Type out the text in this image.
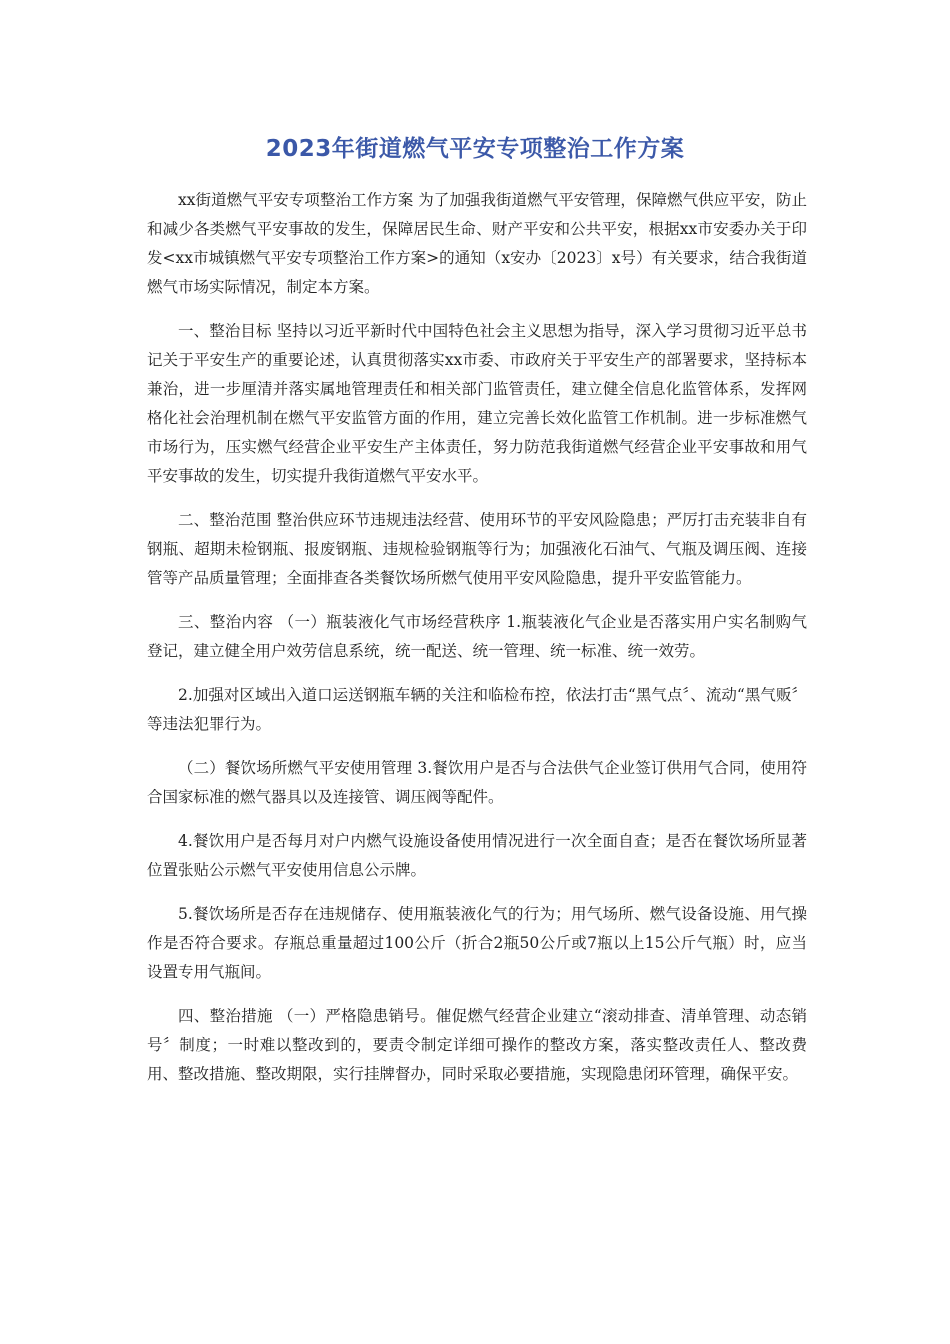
2023年街道燃气平安专项整治工作方案

xx街道燃气平安专项整治工作方案 为了加强我街道燃气平安管理，保障燃气供应平安，防止和减少各类燃气平安事故的发生，保障居民生命、财产平安和公共平安，根据xx市安委办关于印发<xx市城镇燃气平安专项整治工作方案>的通知（x安办〔2023〕x号）有关要求，结合我街道燃气市场实际情况，制定本方案。

一、整治目标 坚持以习近平新时代中国特色社会主义思想为指导，深入学习贯彻习近平总书记关于平安生产的重要论述，认真贯彻落实xx市委、市政府关于平安生产的部署要求，坚持标本兼治，进一步厘清并落实属地管理责任和相关部门监管责任，建立健全信息化监管体系，发挥网格化社会治理机制在燃气平安监管方面的作用，建立完善长效化监管工作机制。进一步标准燃气市场行为，压实燃气经营企业平安生产主体责任，努力防范我街道燃气经营企业平安事故和用气平安事故的发生，切实提升我街道燃气平安水平。

二、整治范围 整治供应环节违规违法经营、使用环节的平安风险隐患；严厉打击充装非自有钢瓶、超期未检钢瓶、报废钢瓶、违规检验钢瓶等行为；加强液化石油气、气瓶及调压阀、连接管等产品质量管理；全面排查各类餐饮场所燃气使用平安风险隐患，提升平安监管能力。

三、整治内容 （一）瓶装液化气市场经营秩序 1.瓶装液化气企业是否落实用户实名制购气登记，建立健全用户效劳信息系统，统一配送、统一管理、统一标准、统一效劳。

2.加强对区域出入道口运送钢瓶车辆的关注和临检布控，依法打击“黑气点〞、流动“黑气贩〞等违法犯罪行为。

（二）餐饮场所燃气平安使用管理 3.餐饮用户是否与合法供气企业签订供用气合同，使用符合国家标准的燃气器具以及连接管、调压阀等配件。

4.餐饮用户是否每月对户内燃气设施设备使用情况进行一次全面自查；是否在餐饮场所显著位置张贴公示燃气平安使用信息公示牌。

5.餐饮场所是否存在违规储存、使用瓶装液化气的行为；用气场所、燃气设备设施、用气操作是否符合要求。存瓶总重量超过100公斤（折合2瓶50公斤或7瓶以上15公斤气瓶）时，应当设置专用气瓶间。

四、整治措施 （一）严格隐患销号。催促燃气经营企业建立“滚动排查、清单管理、动态销号〞制度；一时难以整改到的，要责令制定详细可操作的整改方案，落实整改责任人、整改费用、整改措施、整改期限，实行挂牌督办，同时采取必要措施，实现隐患闭环管理，确保平安。
